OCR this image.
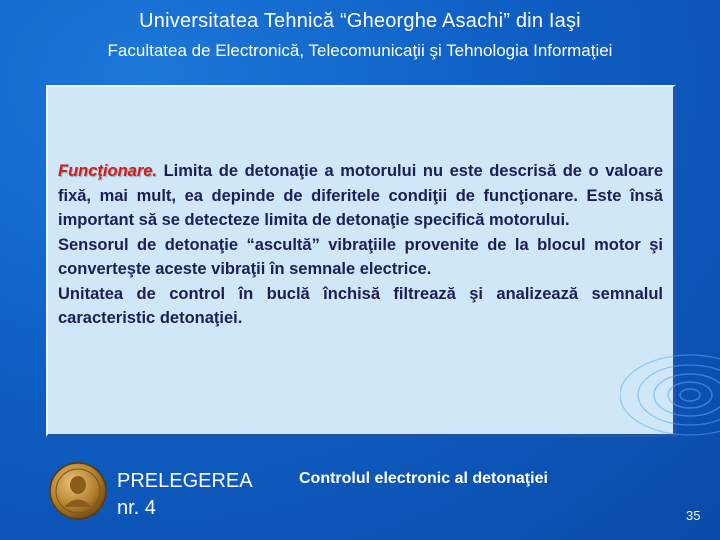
Universitatea Tehnică “Gheorghe Asachi” din Iaşi
Facultatea de Electronică, Telecomunicaţii şi Tehnologia Informaţiei

Funcţionare. Limita de detonaţie a motorului nu este descrisă de o valoare fixă, mai mult, ea depinde de diferitele condiţii de funcţionare. Este însă important să se detecteze limita de detonaţie specifică motorului.

Sensorul de detonaţie “ascultă” vibraţiile provenite de la blocul motor şi converteşte aceste vibraţii în semnale electrice.

Unitatea de control în buclă închisă filtrează şi analizează semnalul caracteristic detonaţiei.

PRELEGEREA
nr. 4
Controlul electronic al detonaţiei
35
